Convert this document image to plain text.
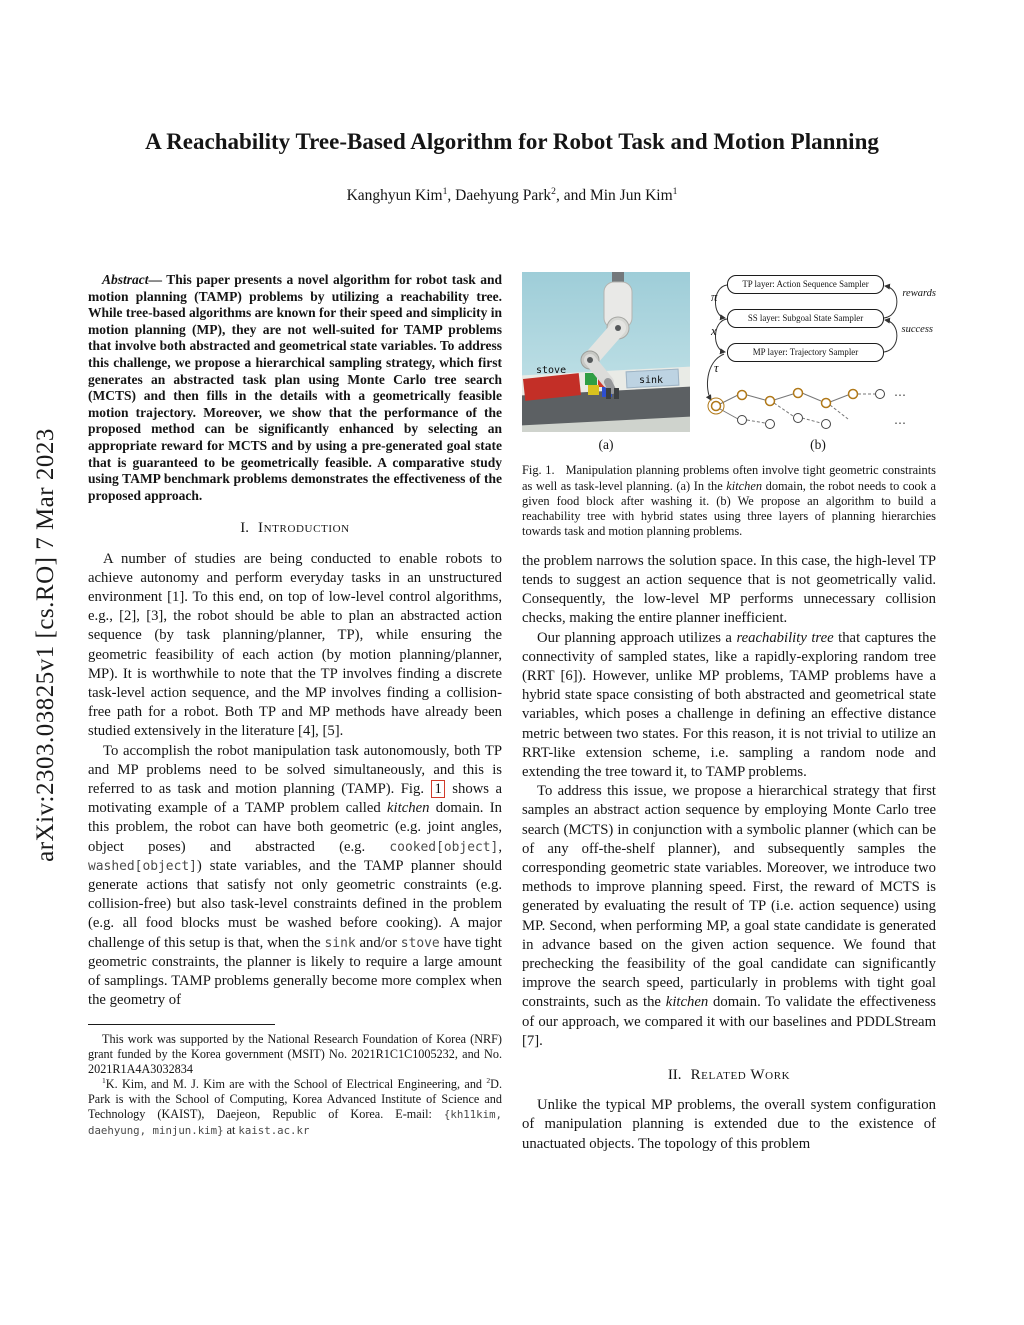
arXiv:2303.03825v1 [cs.RO] 7 Mar 2023
A Reachability Tree-Based Algorithm for Robot Task and Motion Planning
Kanghyun Kim$^1$, Daehyung Park$^2$, and Min Jun Kim$^1$

Abstract— This paper presents a novel algorithm for robot task and motion planning (TAMP) problems by utilizing a reachability tree. While tree-based algorithms are known for their speed and simplicity in motion planning (MP), they are not well-suited for TAMP problems that involve both abstracted and geometrical state variables. To address this challenge, we propose a hierarchical sampling strategy, which first generates an abstracted task plan using Monte Carlo tree search (MCTS) and then fills in the details with a geometrically feasible motion trajectory. Moreover, we show that the performance of the proposed method can be significantly enhanced by selecting an appropriate reward for MCTS and by using a pre-generated goal state that is guaranteed to be geometrically feasible. A comparative study using TAMP benchmark problems demonstrates the effectiveness of the proposed approach.

I. Introduction

A number of studies are being conducted to enable robots to achieve autonomy and perform everyday tasks in an unstructured environment [1]. To this end, on top of low-level control algorithms, e.g., [2], [3], the robot should be able to plan an abstracted action sequence (by task planning/planner, TP), while ensuring the geometric feasibility of each action (by motion planning/planner, MP). It is worthwhile to note that the TP involves finding a discrete task-level action sequence, and the MP involves finding a collision-free path for a robot. Both TP and MP methods have already been studied extensively in the literature [4], [5].

To accomplish the robot manipulation task autonomously, both TP and MP problems need to be solved simultaneously, and this is referred to as task and motion planning (TAMP). Fig. 1 shows a motivating example of a TAMP problem called kitchen domain. In this problem, the robot can have both geometric (e.g. joint angles, object poses) and abstracted (e.g. cooked[object], washed[object]) state variables, and the TAMP planner should generate actions that satisfy not only geometric constraints (e.g. collision-free) but also task-level constraints defined in the problem (e.g. all food blocks must be washed before cooking). A major challenge of this setup is that, when the sink and/or stove have tight geometric constraints, the planner is likely to require a large amount of samplings. TAMP problems generally become more complex when the geometry of

This work was supported by the National Research Foundation of Korea (NRF) grant funded by the Korea government (MSIT) No. 2021R1C1C1005232, and No. 2021R1A4A3032834

$^1$K. Kim, and M. J. Kim are with the School of Electrical Engineering, and $^2$D. Park is with the School of Computing, Korea Advanced Institute of Science and Technology (KAIST), Daejeon, Republic of Korea. E-mail: {kh11kim, daehyung, minjun.kim} at kaist.ac.kr

stove
sink
(a)
TP layer: Action Sequence Sampler
SS layer: Subgoal State Sampler
MP layer: Trajectory Sampler
π
x
τ
rewards
success
⋯
⋯
(b)
Fig. 1.   Manipulation planning problems often involve tight geometric constraints as well as task-level planning. (a) In the kitchen domain, the robot needs to cook a given food block after washing it. (b) We propose an algorithm to build a reachability tree with hybrid states using three layers of planning hierarchies towards task and motion planning problems.

the problem narrows the solution space. In this case, the high-level TP tends to suggest an action sequence that is not geometrically valid. Consequently, the low-level MP performs unnecessary collision checks, making the entire planner inefficient.

Our planning approach utilizes a reachability tree that captures the connectivity of sampled states, like a rapidly-exploring random tree (RRT [6]). However, unlike MP problems, TAMP problems have a hybrid state space consisting of both abstracted and geometrical state variables, which poses a challenge in defining an effective distance metric between two states. For this reason, it is not trivial to utilize an RRT-like extension scheme, i.e. sampling a random node and extending the tree toward it, to TAMP problems.

To address this issue, we propose a hierarchical strategy that first samples an abstract action sequence by employing Monte Carlo tree search (MCTS) in conjunction with a symbolic planner (which can be of any off-the-shelf planner), and subsequently samples the corresponding geometric state variables. Moreover, we introduce two methods to improve planning speed. First, the reward of MCTS is generated by evaluating the result of TP (i.e. action sequence) using MP. Second, when performing MP, a goal state candidate is generated in advance based on the given action sequence. We found that prechecking the feasibility of the goal candidate can significantly improve the search speed, particularly in problems with tight goal constraints, such as the kitchen domain. To validate the effectiveness of our approach, we compared it with our baselines and PDDLStream [7].

II. Related Work

Unlike the typical MP problems, the overall system configuration of manipulation planning is extended due to the existence of unactuated objects. The topology of this problem
